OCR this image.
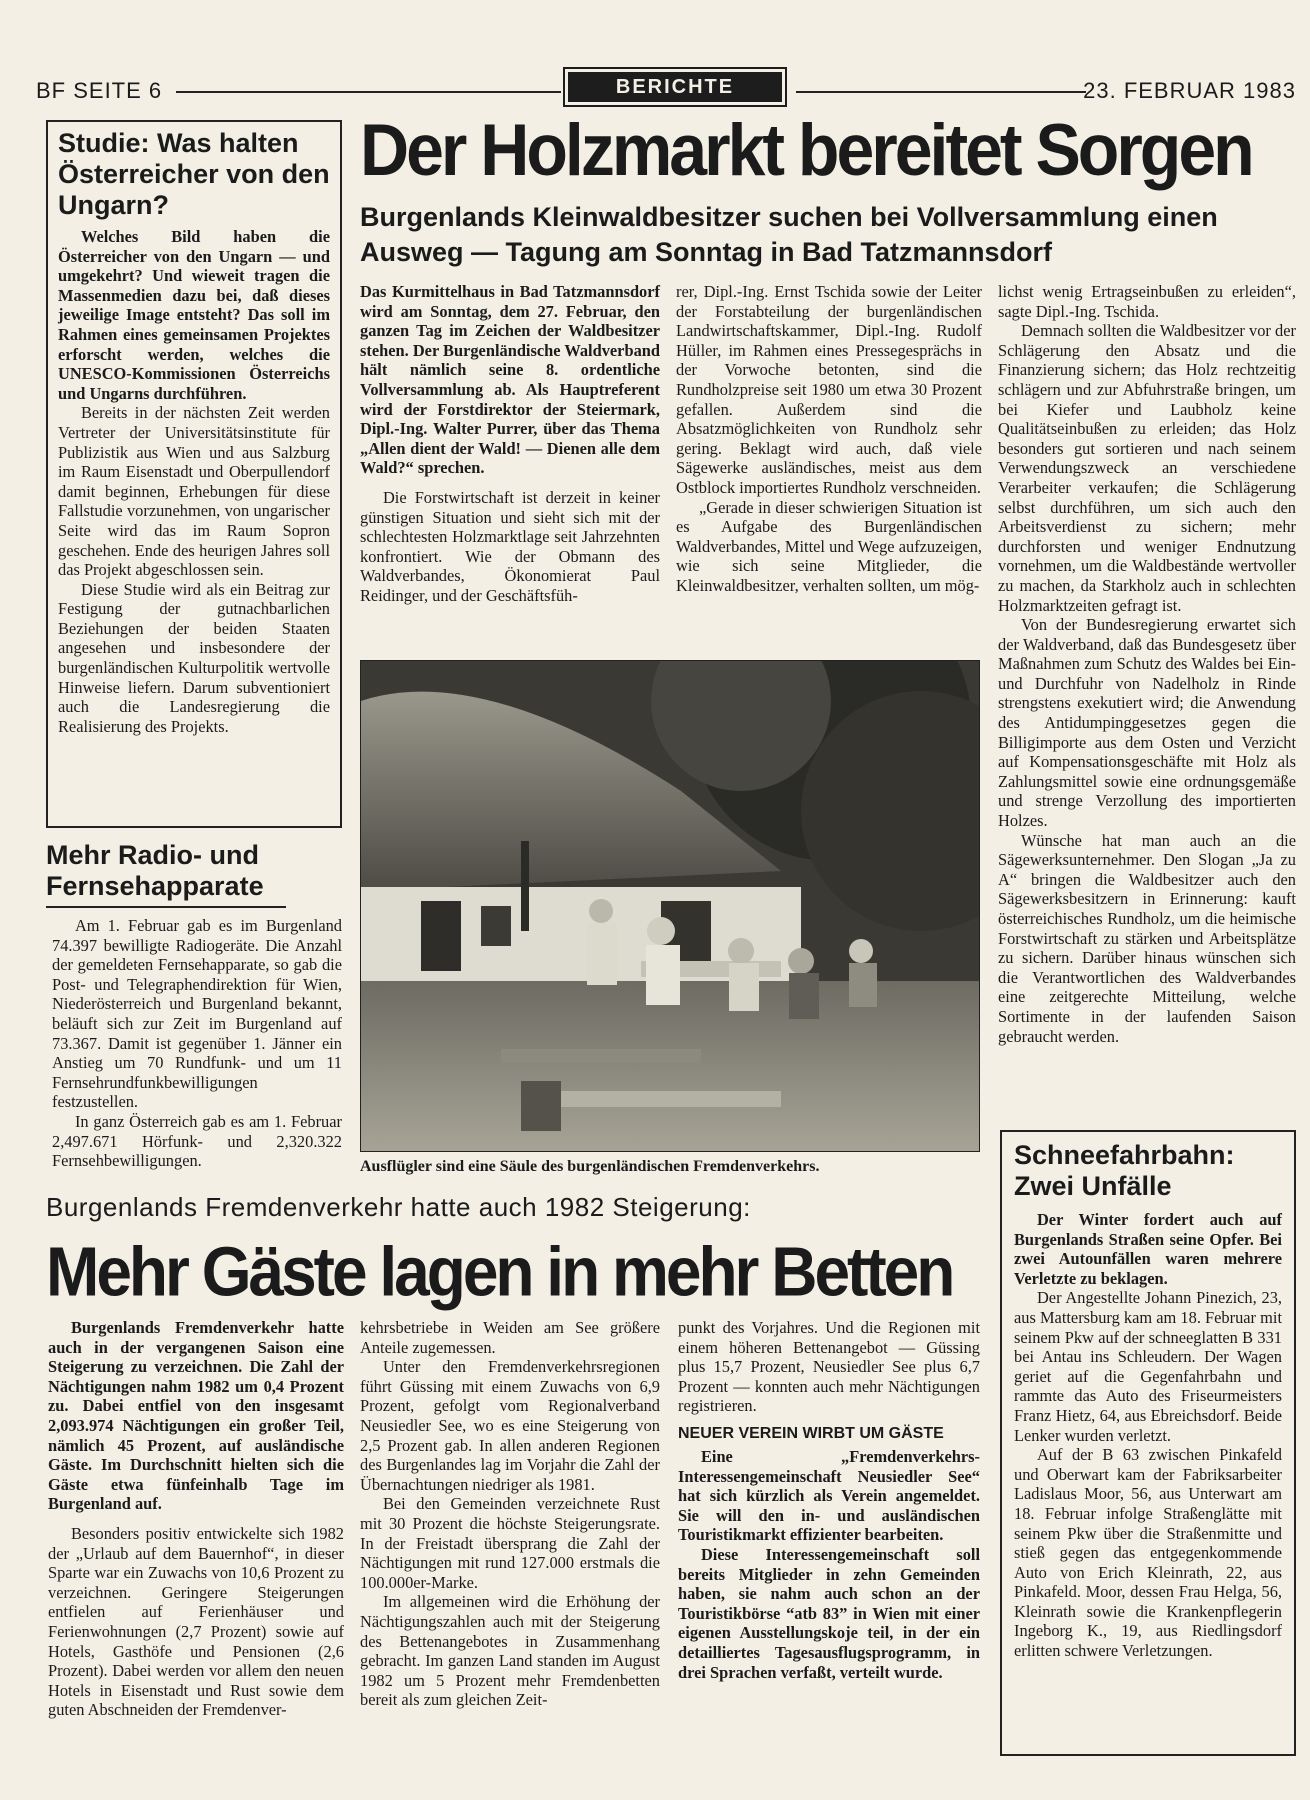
BF SEITE 6	BERICHTE	23. FEBRUAR 1983
Studie: Was halten Österreicher von den Ungarn?

Welches Bild haben die Österreicher von den Ungarn — und umgekehrt? Und wieweit tragen die Massenmedien dazu bei, daß dieses jeweilige Image entsteht? Das soll im Rahmen eines gemeinsamen Projektes erforscht werden, welches die UNESCO-Kommissionen Österreichs und Ungarns durchführen.

Bereits in der nächsten Zeit werden Vertreter der Universitätsinstitute für Publizistik aus Wien und aus Salzburg im Raum Eisenstadt und Oberpullendorf damit beginnen, Erhebungen für diese Fallstudie vorzunehmen, von ungarischer Seite wird das im Raum Sopron geschehen. Ende des heurigen Jahres soll das Projekt abgeschlossen sein.

Diese Studie wird als ein Beitrag zur Festigung der gutnachbarlichen Beziehungen der beiden Staaten angesehen und insbesondere der burgenländischen Kulturpolitik wertvolle Hinweise liefern. Darum subventioniert auch die Landesregierung die Realisierung des Projekts.

Mehr Radio- und Fernsehapparate

Am 1. Februar gab es im Burgenland 74.397 bewilligte Radiogeräte. Die Anzahl der gemeldeten Fernsehapparate, so gab die Post- und Telegraphendirektion für Wien, Niederösterreich und Burgenland bekannt, beläuft sich zur Zeit im Burgenland auf 73.367. Damit ist gegenüber 1. Jänner ein Anstieg um 70 Rundfunk- und um 11 Fernsehrundfunkbewilligungen festzustellen.

In ganz Österreich gab es am 1. Februar 2,497.671 Hörfunk- und 2,320.322 Fernsehbewilligungen.

Der Holzmarkt bereitet Sorgen
Burgenlands Kleinwaldbesitzer suchen bei Vollversammlung einen Ausweg — Tagung am Sonntag in Bad Tatzmannsdorf

Das Kurmittelhaus in Bad Tatzmannsdorf wird am Sonntag, dem 27. Februar, den ganzen Tag im Zeichen der Waldbesitzer stehen. Der Burgenländische Waldverband hält nämlich seine 8. ordentliche Vollversammlung ab. Als Hauptreferent wird der Forstdirektor der Steiermark, Dipl.-Ing. Walter Purrer, über das Thema „Allen dient der Wald! — Dienen alle dem Wald?“ sprechen.

Die Forstwirtschaft ist derzeit in keiner günstigen Situation und sieht sich mit der schlechtesten Holzmarktlage seit Jahrzehnten konfrontiert. Wie der Obmann des Waldverbandes, Ökonomierat Paul Reidinger, und der Geschäftsfüh-

rer, Dipl.-Ing. Ernst Tschida sowie der Leiter der Forstabteilung der burgenländischen Landwirtschaftskammer, Dipl.-Ing. Rudolf Hüller, im Rahmen eines Pressegesprächs in der Vorwoche betonten, sind die Rundholzpreise seit 1980 um etwa 30 Prozent gefallen. Außerdem sind die Absatzmöglichkeiten von Rundholz sehr gering. Beklagt wird auch, daß viele Sägewerke ausländisches, meist aus dem Ostblock importiertes Rundholz verschneiden.

„Gerade in dieser schwierigen Situation ist es Aufgabe des Burgenländischen Waldverbandes, Mittel und Wege aufzuzeigen, wie sich seine Mitglieder, die Kleinwaldbesitzer, verhalten sollten, um mög-

lichst wenig Ertragseinbußen zu erleiden“, sagte Dipl.-Ing. Tschida.

Demnach sollten die Waldbesitzer vor der Schlägerung den Absatz und die Finanzierung sichern; das Holz rechtzeitig schlägern und zur Abfuhrstraße bringen, um bei Kiefer und Laubholz keine Qualitätseinbußen zu erleiden; das Holz besonders gut sortieren und nach seinem Verwendungszweck an verschiedene Verarbeiter verkaufen; die Schlägerung selbst durchführen, um sich auch den Arbeitsverdienst zu sichern; mehr durchforsten und weniger Endnutzung vornehmen, um die Waldbestände wertvoller zu machen, da Starkholz auch in schlechten Holzmarktzeiten gefragt ist.

Von der Bundesregierung erwartet sich der Waldverband, daß das Bundesgesetz über Maßnahmen zum Schutz des Waldes bei Ein- und Durchfuhr von Nadelholz in Rinde strengstens exekutiert wird; die Anwendung des Antidumpinggesetzes gegen die Billigimporte aus dem Osten und Verzicht auf Kompensationsgeschäfte mit Holz als Zahlungsmittel sowie eine ordnungsgemäße und strenge Verzollung des importierten Holzes.

Wünsche hat man auch an die Sägewerksunternehmer. Den Slogan „Ja zu A“ bringen die Waldbesitzer auch den Sägewerksbesitzern in Erinnerung: kauft österreichisches Rundholz, um die heimische Forstwirtschaft zu stärken und Arbeitsplätze zu sichern. Darüber hinaus wünschen sich die Verantwortlichen des Waldverbandes eine zeitgerechte Mitteilung, welche Sortimente in der laufenden Saison gebraucht werden.

Ausflügler sind eine Säule des burgenländischen Fremdenverkehrs.
Burgenlands Fremdenverkehr hatte auch 1982 Steigerung:
Mehr Gäste lagen in mehr Betten

Burgenlands Fremdenverkehr hatte auch in der vergangenen Saison eine Steigerung zu verzeichnen. Die Zahl der Nächtigungen nahm 1982 um 0,4 Prozent zu. Dabei entfiel von den insgesamt 2,093.974 Nächtigungen ein großer Teil, nämlich 45 Prozent, auf ausländische Gäste. Im Durchschnitt hielten sich die Gäste etwa fünfeinhalb Tage im Burgenland auf.

Besonders positiv entwickelte sich 1982 der „Urlaub auf dem Bauernhof“, in dieser Sparte war ein Zuwachs von 10,6 Prozent zu verzeichnen. Geringere Steigerungen entfielen auf Ferienhäuser und Ferienwohnungen (2,7 Prozent) sowie auf Hotels, Gasthöfe und Pensionen (2,6 Prozent). Dabei werden vor allem den neuen Hotels in Eisenstadt und Rust sowie dem guten Abschneiden der Fremdenver-

kehrsbetriebe in Weiden am See größere Anteile zugemessen.

Unter den Fremdenverkehrsregionen führt Güssing mit einem Zuwachs von 6,9 Prozent, gefolgt vom Regionalverband Neusiedler See, wo es eine Steigerung von 2,5 Prozent gab. In allen anderen Regionen des Burgenlandes lag im Vorjahr die Zahl der Übernachtungen niedriger als 1981.

Bei den Gemeinden verzeichnete Rust mit 30 Prozent die höchste Steigerungsrate. In der Freistadt übersprang die Zahl der Nächtigungen mit rund 127.000 erstmals die 100.000er-Marke.

Im allgemeinen wird die Erhöhung der Nächtigungszahlen auch mit der Steigerung des Bettenangebotes in Zusammenhang gebracht. Im ganzen Land standen im August 1982 um 5 Prozent mehr Fremdenbetten bereit als zum gleichen Zeit-

punkt des Vorjahres. Und die Regionen mit einem höheren Bettenangebot — Güssing plus 15,7 Prozent, Neusiedler See plus 6,7 Prozent — konnten auch mehr Nächtigungen registrieren.

NEUER VEREIN WIRBT UM GÄSTE

Eine „Fremdenverkehrs-Interessengemeinschaft Neusiedler See“ hat sich kürzlich als Verein angemeldet. Sie will den in- und ausländischen Touristikmarkt effizienter bearbeiten.

Diese Interessengemeinschaft soll bereits Mitglieder in zehn Gemeinden haben, sie nahm auch schon an der Touristikbörse “atb 83” in Wien mit einer eigenen Ausstellungskoje teil, in der ein detailliertes Tagesausflugsprogramm, in drei Sprachen verfaßt, verteilt wurde.

Schneefahrbahn: Zwei Unfälle

Der Winter fordert auch auf Burgenlands Straßen seine Opfer. Bei zwei Autounfällen waren mehrere Verletzte zu beklagen.

Der Angestellte Johann Pinezich, 23, aus Mattersburg kam am 18. Februar mit seinem Pkw auf der schneeglatten B 331 bei Antau ins Schleudern. Der Wagen geriet auf die Gegenfahrbahn und rammte das Auto des Friseurmeisters Franz Hietz, 64, aus Ebreichsdorf. Beide Lenker wurden verletzt.

Auf der B 63 zwischen Pinkafeld und Oberwart kam der Fabriksarbeiter Ladislaus Moor, 56, aus Unterwart am 18. Februar infolge Straßenglätte mit seinem Pkw über die Straßenmitte und stieß gegen das entgegenkommende Auto von Erich Kleinrath, 22, aus Pinkafeld. Moor, dessen Frau Helga, 56, Kleinrath sowie die Krankenpflegerin Ingeborg K., 19, aus Riedlingsdorf erlitten schwere Verletzungen.
